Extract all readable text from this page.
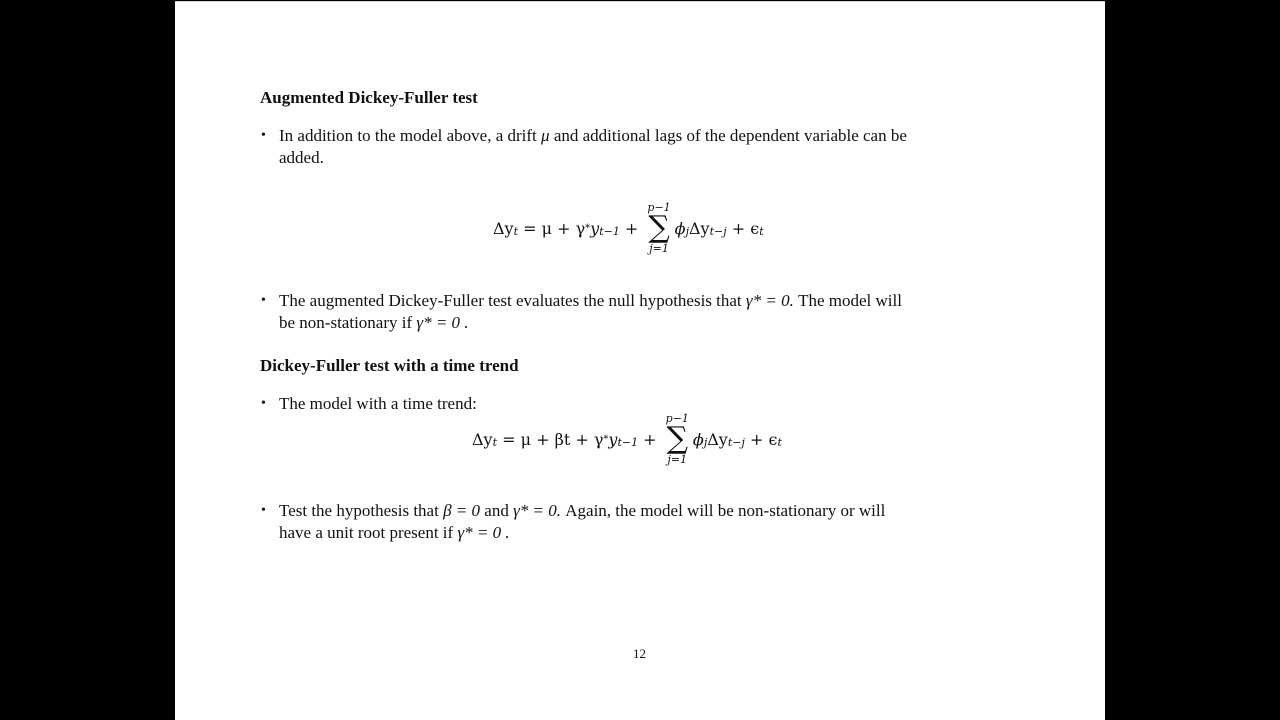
Augmented Dickey-Fuller test
• In addition to the model above, a drift μ and additional lags of the dependent variable can be
added.
$\Delta y_t = \mu + \gamma * y_{t-1}$ +
p−1
∑
j=1
$\phi_j$ $\Delta y_{t-j} + \epsilon_t$
• The augmented Dickey-Fuller test evaluates the null hypothesis that γ* = 0. The model will
be non-stationary if γ* = 0 .
Dickey-Fuller test with a time trend
• The model with a time trend:
$\Delta y_t = \mu + \beta t + \gamma * y_{t-1}$ +
p−1
∑
j=1
$\phi_j$ $\Delta y_{t-j} + \epsilon_t$
• Test the hypothesis that β = 0 and γ* = 0. Again, the model will be non-stationary or will
have a unit root present if γ* = 0 .
12
